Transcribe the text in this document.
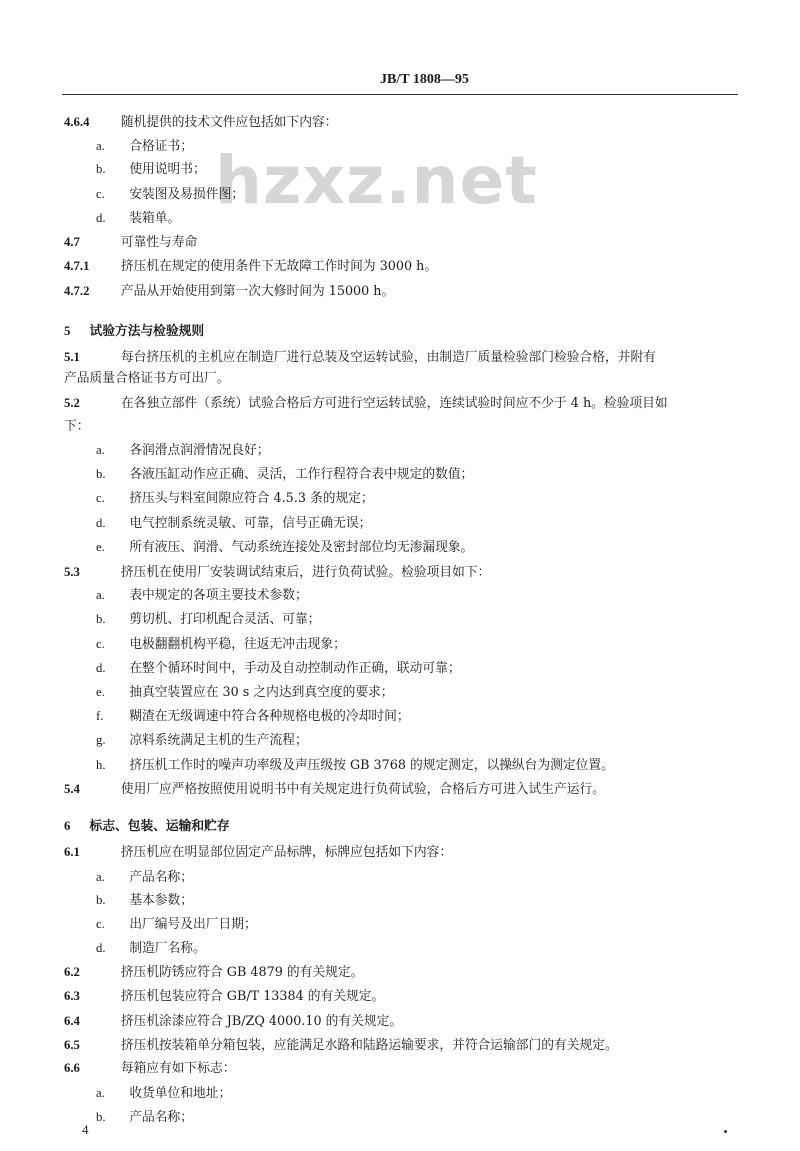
JB/T 1808—95
hzxz.net
4.6.4 随机提供的技术文件应包括如下内容：
a. 合格证书；
b. 使用说明书；
c. 安装图及易损件图；
d. 装箱单。
4.7	可靠性与寿命
4.7.1 挤压机在规定的使用条件下无故障工作时间为 3000 h。
4.7.2 产品从开始使用到第一次大修时间为 15000 h。
5 试验方法与检验规则
5.1	每台挤压机的主机应在制造厂进行总装及空运转试验，由制造厂质量检验部门检验合格，并附有
产品质量合格证书方可出厂。
5.2	在各独立部件（系统）试验合格后方可进行空运转试验，连续试验时间应不少于 4 h。检验项目如
下：
a. 各润滑点润滑情况良好；
b. 各液压缸动作应正确、灵活，工作行程符合表中规定的数值；
c. 挤压头与料室间隙应符合 4.5.3 条的规定；
d. 电气控制系统灵敏、可靠，信号正确无误；
e. 所有液压、润滑、气动系统连接处及密封部位均无渗漏现象。
5.3	挤压机在使用厂安装调试结束后，进行负荷试验。检验项目如下：
a. 表中规定的各项主要技术参数；
b. 剪切机、打印机配合灵活、可靠；
c. 电极翻翻机构平稳，往返无冲击现象；
d. 在整个循环时间中，手动及自动控制动作正确，联动可靠；
e. 抽真空装置应在 30 s 之内达到真空度的要求；
f. 糊渣在无级调速中符合各种规格电极的冷却时间；
g. 凉料系统满足主机的生产流程；
h. 挤压机工作时的噪声功率级及声压级按 GB 3768 的规定测定，以操纵台为测定位置。
5.4	使用厂应严格按照使用说明书中有关规定进行负荷试验，合格后方可进入试生产运行。
6 标志、包装、运输和贮存
6.1	挤压机应在明显部位固定产品标牌，标牌应包括如下内容：
a. 产品名称；
b. 基本参数；
c. 出厂编号及出厂日期；
d. 制造厂名称。
6.2	挤压机防锈应符合 GB 4879 的有关规定。
6.3	挤压机包装应符合 GB/T 13384 的有关规定。
6.4	挤压机涂漆应符合 JB/ZQ 4000.10 的有关规定。
6.5	挤压机按装箱单分箱包装，应能满足水路和陆路运输要求，并符合运输部门的有关规定。
6.6	每箱应有如下标志：
a. 收货单位和地址；
b. 产品名称；
4
